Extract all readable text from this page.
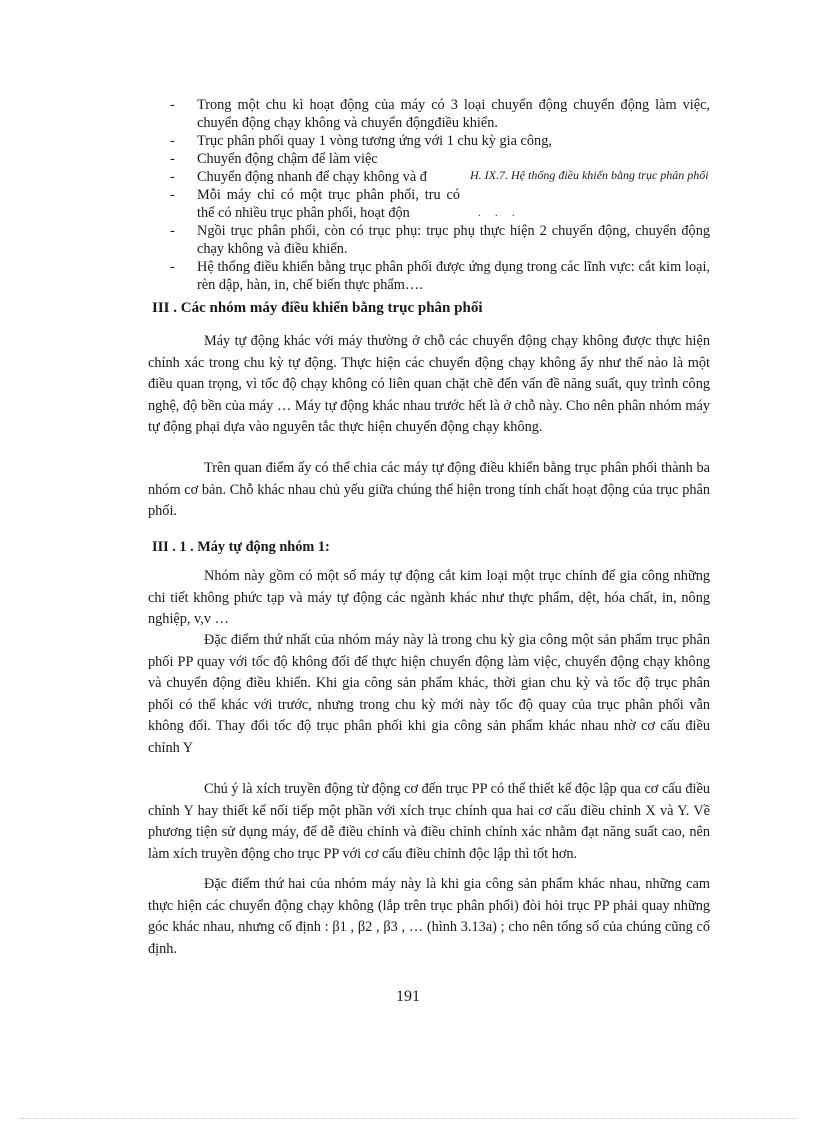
- Trong một chu kì hoạt động của máy có 3 loại chuyển động chuyển động làm việc, chuyển động chạy không và chuyển độngđiều khiển.
- Trục phân phối quay 1 vòng tương ứng với 1 chu kỳ gia công,
- Chuyển động chậm để làm việc
- Chuyển động nhanh để chạy không và đ
- Mỗi máy chỉ có một trục phân phối, tru có thể có nhiều trục phân phối, hoạt độn
- Ngồi trục phân phối, còn có trục phụ: trục phụ thực hiện 2 chuyển động, chuyển động chạy không và điều khiển.
- Hệ thống điều khiển bằng trục phân phối được ứng dụng trong các lĩnh vực: cắt kim loại, rèn dập, hàn, in, chế biến thực phẩm….
H. IX.7. Hệ thống điều khiển bằng trục phân phối
. . .
III . Các nhóm máy điều khiển bằng trục phân phối

Máy tự động khác với máy thường ở chỗ các chuyển động chạy không được thực hiện chính xác trong chu kỳ tự động. Thực hiện các chuyển động chạy không ấy như thế nào là một điều quan trọng, vì tốc độ chạy không có liên quan chặt chẽ đến vấn đề năng suất, quy trình công nghệ, độ bền của máy … Máy tự động khác nhau trước hết là ở chỗ này. Cho nên phân nhóm máy tự động phại dựa vào nguyên tắc thực hiện chuyển động chạy không.

Trên quan điểm ấy có thể chia các máy tự động điều khiển bằng trục phân phối thành ba nhóm cơ bản. Chỗ khác nhau chủ yếu giữa chúng thể hiện trong tính chất hoạt động của trục phân phối.

III . 1 . Máy tự động nhóm 1:

Nhóm này gồm có một số máy tự động cắt kim loại một trục chính để gia công những chi tiết không phức tạp và máy tự động các ngành khác như thực phẩm, dệt, hóa chất, in, nông nghiệp, v,v …

Đặc điểm thứ nhất của nhóm máy này là trong chu kỳ gia công một sản phẩm trục phân phối PP quay với tốc độ không đổi để thực hiện chuyển động làm việc, chuyển động chạy không và chuyển động điều khiển. Khi gia công sản phẩm khác, thời gian chu kỳ và tốc độ trục phân phối có thể khác với trước, nhưng trong chu kỳ mới này tốc độ quay của trục phân phối vẫn không đổi. Thay đổi tốc độ trục phân phối khi gia công sản phẩm khác nhau nhờ cơ cấu điều chỉnh Y

Chú ý là xích truyền động từ động cơ đến trục PP có thể thiết kế độc lập qua cơ cấu điều chỉnh Y hay thiết kế nối tiếp một phần với xích trục chính qua hai cơ cấu điều chỉnh X và Y. Về phương tiện sử dụng máy, để dễ điều chỉnh và điều chỉnh chính xác nhằm đạt năng suất cao, nên làm xích truyền động cho trục PP với cơ cấu điều chỉnh độc lập thì tốt hơn.

Đặc điểm thứ hai của nhóm máy này là khi gia công sản phẩm khác nhau, những cam thực hiện các chuyển động chạy không (lắp trên trục phân phối) đòi hỏi trục PP phải quay những góc khác nhau, nhưng cố định : β1 , β2 , β3 , … (hình 3.13a) ; cho nên tổng số của chúng cũng cố định.

191
